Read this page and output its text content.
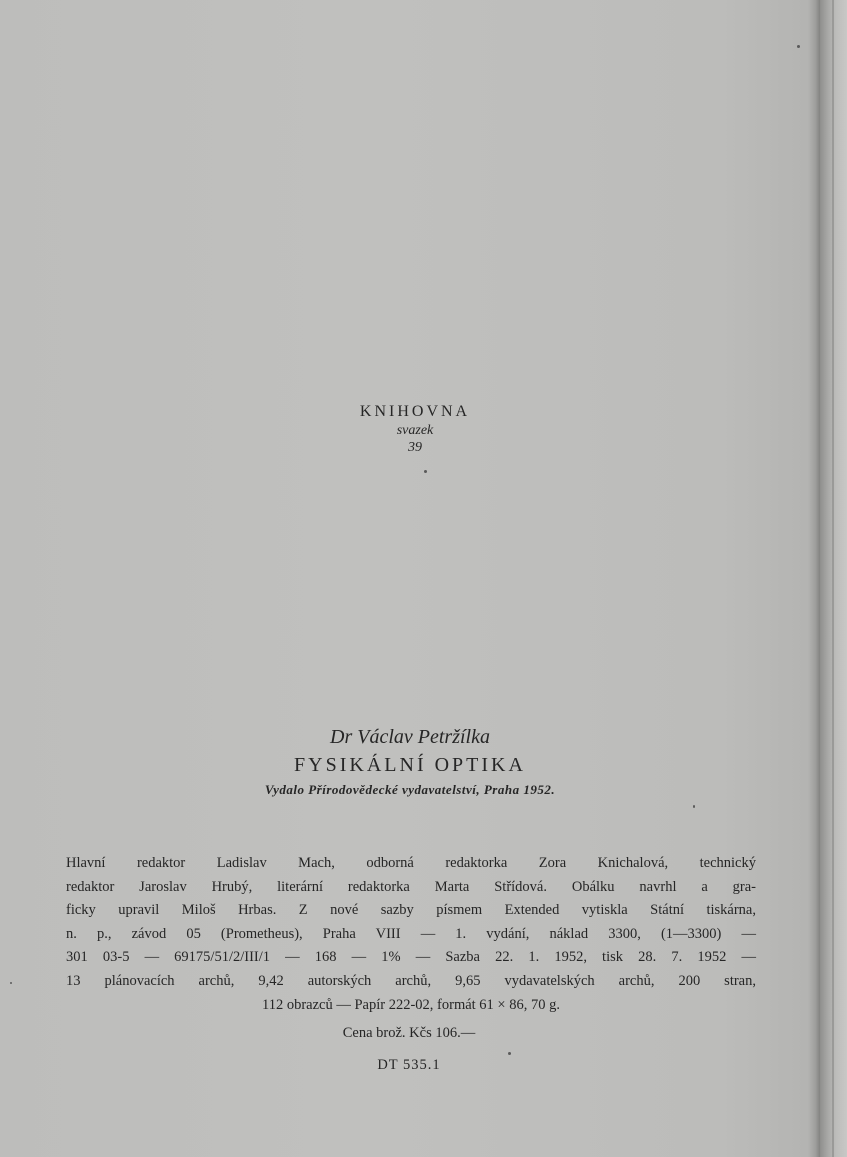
KNIHOVNA
svazek
39
Dr Václav Petržílka
FYSIKÁLNÍ OPTIKA
Vydalo Přírodovědecké vydavatelství, Praha 1952.
Hlavní redaktor Ladislav Mach, odborná redaktorka Zora Knichalová, technický
redaktor Jaroslav Hrubý, literární redaktorka Marta Střídová. Obálku navrhl a gra-
ficky upravil Miloš Hrbas. Z nové sazby písmem Extended vytiskla Státní tiskárna,
n. p., závod 05 (Prometheus), Praha VIII — 1. vydání, náklad 3300, (1—3300) —
301 03-5 — 69175/51/2/III/1 — 168 — 1% — Sazba 22. 1. 1952, tisk 28. 7. 1952 —
13 plánovacích archů, 9,42 autorských archů, 9,65 vydavatelských archů, 200 stran,
112 obrazců — Papír 222-02, formát 61 × 86, 70 g.
Cena brož. Kčs 106.—
DT 535.1
